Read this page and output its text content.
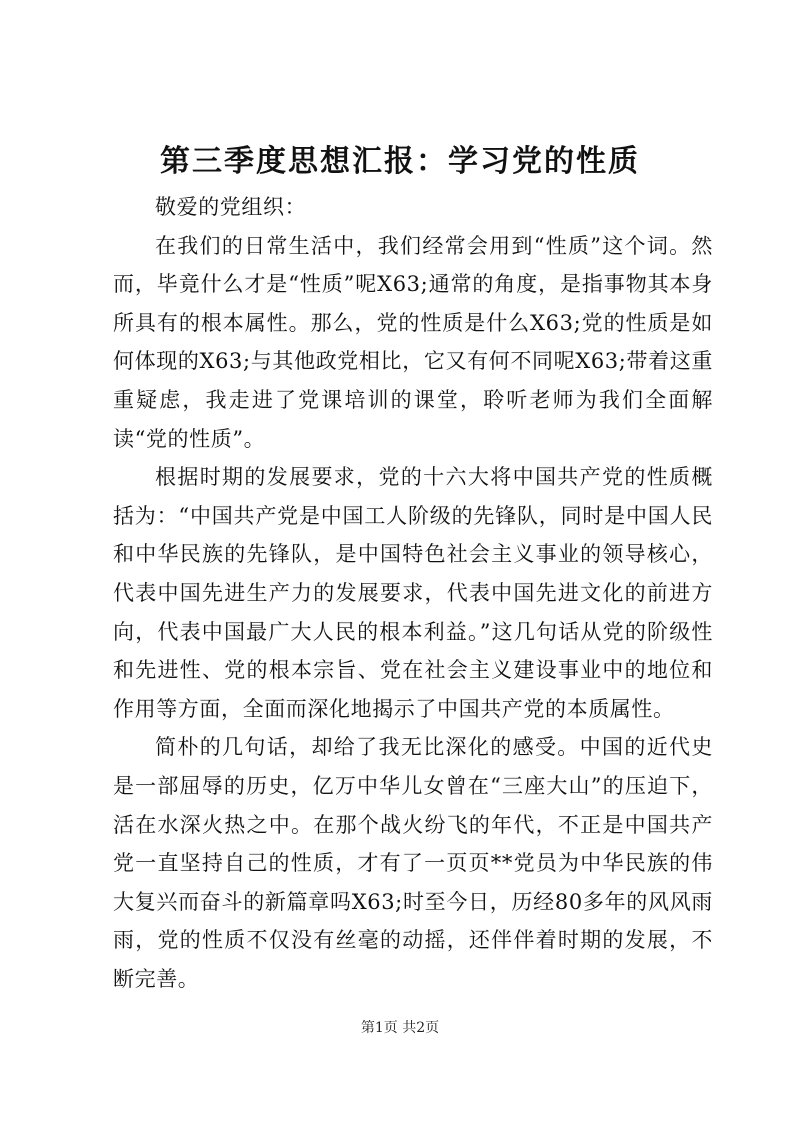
第三季度思想汇报：学习党的性质

敬爱的党组织：

在我们的日常生活中，我们经常会用到“性质”这个词。然而，毕竟什么才是“性质”呢X63;通常的角度，是指事物其本身所具有的根本属性。那么，党的性质是什么X63;党的性质是如何体现的X63;与其他政党相比，它又有何不同呢X63;带着这重重疑虑，我走进了党课培训的课堂，聆听老师为我们全面解读“党的性质”。

根据时期的发展要求，党的十六大将中国共产党的性质概括为：“中国共产党是中国工人阶级的先锋队，同时是中国人民和中华民族的先锋队，是中国特色社会主义事业的领导核心，代表中国先进生产力的发展要求，代表中国先进文化的前进方向，代表中国最广大人民的根本利益。”这几句话从党的阶级性和先进性、党的根本宗旨、党在社会主义建设事业中的地位和作用等方面，全面而深化地揭示了中国共产党的本质属性。

简朴的几句话，却给了我无比深化的感受。中国的近代史是一部屈辱的历史，亿万中华儿女曾在“三座大山”的压迫下，活在水深火热之中。在那个战火纷飞的年代，不正是中国共产党一直坚持自己的性质，才有了一页页**党员为中华民族的伟大复兴而奋斗的新篇章吗X63;时至今日，历经80多年的风风雨雨，党的性质不仅没有丝毫的动摇，还伴伴着时期的发展，不断完善。

第1页 共2页
